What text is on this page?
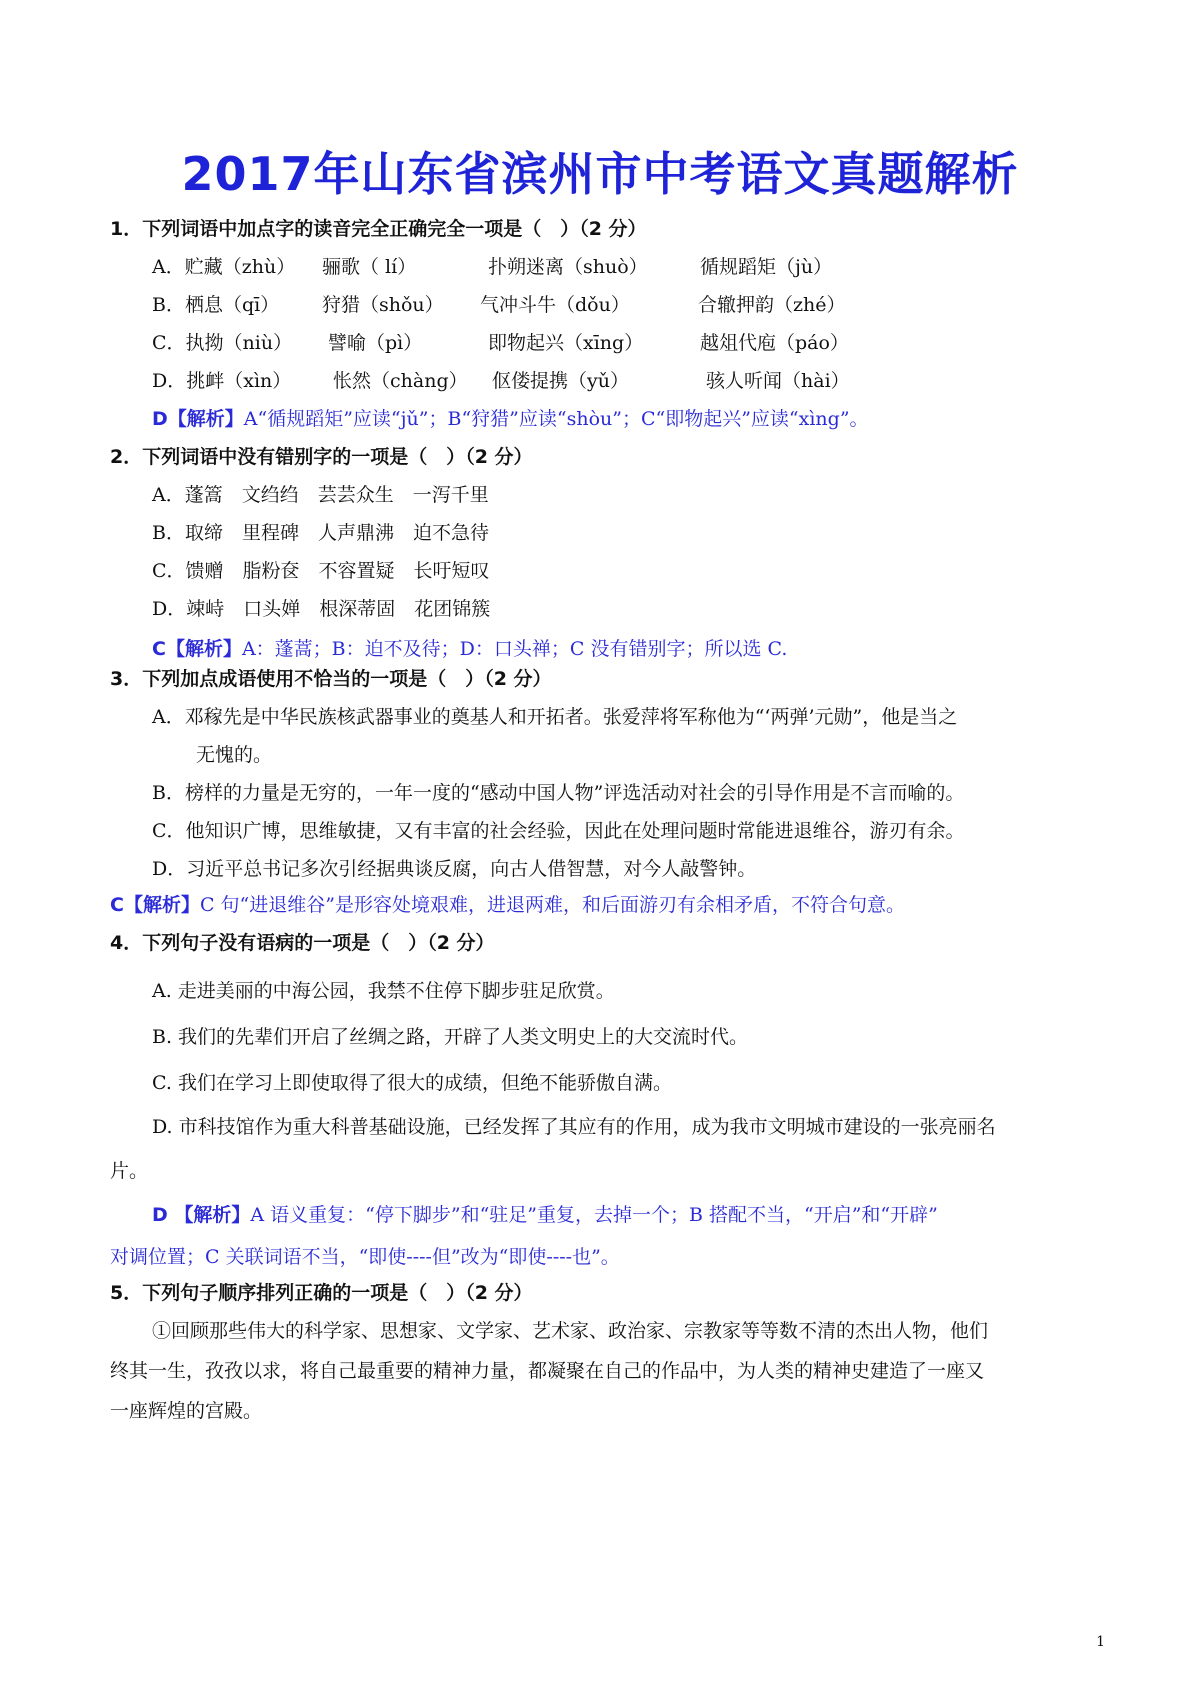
2017年山东省滨州市中考语文真题解析
1．下列词语中加点字的读音完全正确完全一项是（　）（2 分）
A．贮藏（zhù） 骊歌（ lí）	扑朔迷离（shuò）	循规蹈矩（jù）
B．栖息（qī） 狩猎（shǒu） 气冲斗牛（dǒu）	合辙押韵（zhé）
C．执拗（niù） 譬喻（pì）	即物起兴（xīng）	越俎代庖（páo）
D．挑衅（xìn） 怅然（chàng） 伛偻提携（yǔ）	骇人听闻（hài）
D【解析】A“循规蹈矩”应读“jǔ”；B“狩猎”应读“shòu”；C“即物起兴”应读“xìng”。
2．下列词语中没有错别字的一项是（　）（2 分）
A．蓬篙　文绉绉　芸芸众生　一泻千里
B．取缔　里程碑　人声鼎沸　迫不急待
C．馈赠　脂粉奁　不容置疑　长吁短叹
D．竦峙　口头婵　根深蒂固　花团锦簇
C【解析】A：蓬蒿；B：迫不及待；D：口头禅；C 没有错别字；所以选 C.
3．下列加点成语使用不恰当的一项是（　）（2 分）
A．邓稼先是中华民族核武器事业的奠基人和开拓者。张爱萍将军称他为“‘两弹’元勋”，他是当之
无愧的。
B．榜样的力量是无穷的，一年一度的“感动中国人物”评选活动对社会的引导作用是不言而喻的。
C．他知识广博，思维敏捷，又有丰富的社会经验，因此在处理问题时常能进退维谷，游刃有余。
D．习近平总书记多次引经据典谈反腐，向古人借智慧，对今人敲警钟。
C【解析】C 句“进退维谷”是形容处境艰难，进退两难，和后面游刃有余相矛盾，不符合句意。
4．下列句子没有语病的一项是（　）（2 分）
A. 走进美丽的中海公园，我禁不住停下脚步驻足欣赏。
B. 我们的先辈们开启了丝绸之路，开辟了人类文明史上的大交流时代。
C. 我们在学习上即使取得了很大的成绩，但绝不能骄傲自满。
D. 市科技馆作为重大科普基础设施，已经发挥了其应有的作用，成为我市文明城市建设的一张亮丽名
片。
D 【解析】A 语义重复：“停下脚步”和“驻足”重复，去掉一个；B 搭配不当，“开启”和“开辟”
对调位置；C 关联词语不当，“即使----但”改为“即使----也”。
5．下列句子顺序排列正确的一项是（　）（2 分）
①回顾那些伟大的科学家、思想家、文学家、艺术家、政治家、宗教家等等数不清的杰出人物，他们
终其一生，孜孜以求，将自己最重要的精神力量，都凝聚在自己的作品中，为人类的精神史建造了一座又
一座辉煌的宫殿。
1
